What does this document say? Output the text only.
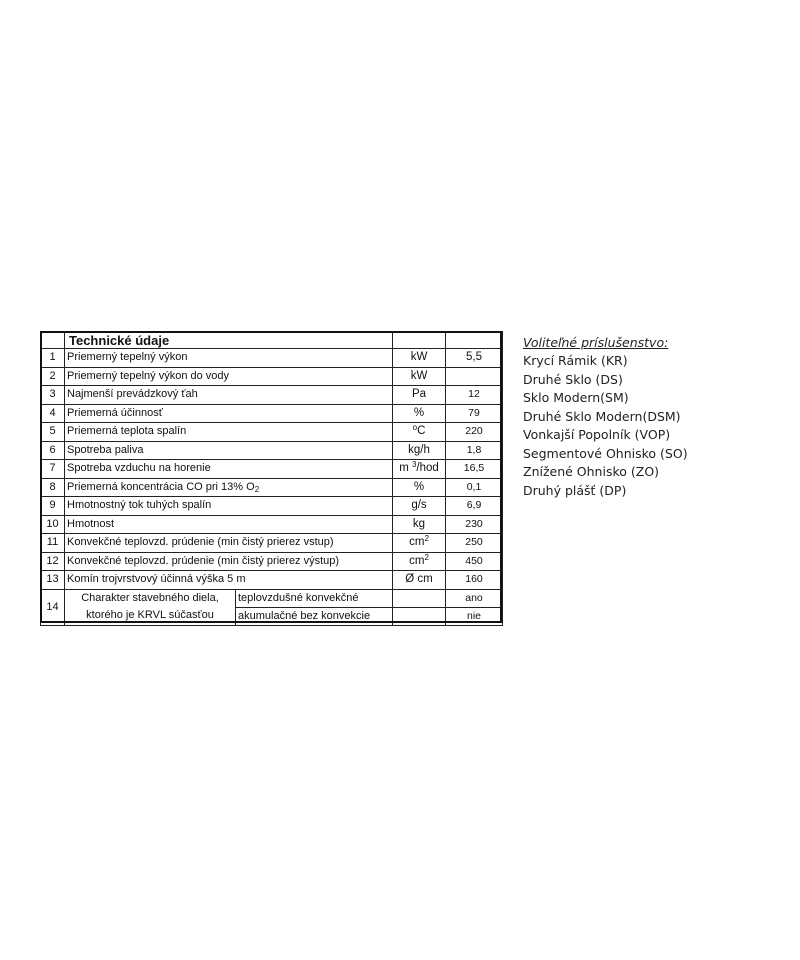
	Technické údaje			
1	Priemerný tepelný výkon		kW	5,5
2	Priemerný tepelný výkon do vody		kW	
3	Najmenší prevádzkový ťah		Pa	12
4	Priemerná účinnosť		%	79
5	Priemerná teplota spalín		$^o$C	220
6	Spotreba paliva		kg/h	1,8
7	Spotreba vzduchu na horenie		m $^3$/hod	16,5
8	Priemerná koncentrácia CO pri 13% $O_2$		%	0,1
9	Hmotnostný tok tuhých spalín		g/s	6,9
10	Hmotnost		kg	230
11	Konvekčné teplovzd. prúdenie (min čistý prierez vstup)		$cm^2$	250
12	Konvekčné teplovzd. prúdenie (min čistý prierez výstup)		$cm^2$	450
13	Komín trojvrstvový účinná výška 5 m		Ø cm	160
14	Charakter stavebného diela,
ktorého je KRVL súčasťou	teplovzdušné konvekčné		ano
		akumulačné bez konvekcie		nie
Voliteľné príslušenstvo:
Krycí Rámik (KR)
Druhé Sklo (DS)
Sklo Modern(SM)
Druhé Sklo Modern(DSM)
Vonkajší Popolník (VOP)
Segmentové Ohnisko (SO)
Znížené Ohnisko (ZO)
Druhý plášť (DP)
